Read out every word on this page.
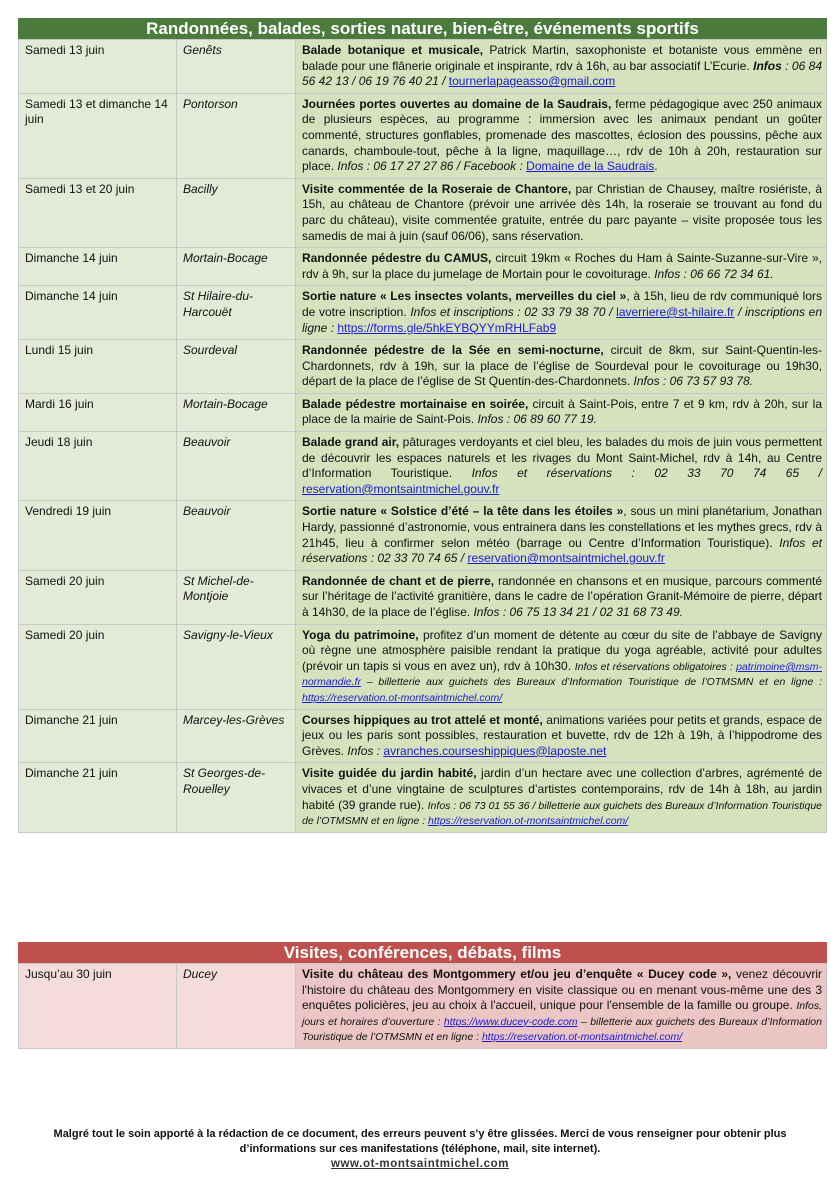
Randonnées, balades, sorties nature, bien-être, événements sportifs
Samedi 13 juin	Genêts	Balade botanique et musicale, Patrick Martin, saxophoniste et botaniste vous emmène en balade pour une flânerie originale et inspirante, rdv à 16h, au bar associatif L’Ecurie. Infos : 06 84 56 42 13 / 06 19 76 40 21 / tournerlapageasso@gmail.com
Samedi 13 et dimanche 14 juin	Pontorson	Journées portes ouvertes au domaine de la Saudrais, ferme pédagogique avec 250 animaux de plusieurs espèces, au programme : immersion avec les animaux pendant un goûter commenté, structures gonflables, promenade des mascottes, éclosion des poussins, pêche aux canards, chamboule-tout, pêche à la ligne, maquillage…, rdv de 10h à 20h, restauration sur place. Infos : 06 17 27 27 86 / Facebook : Domaine de la Saudrais.
Samedi 13 et 20 juin	Bacilly	Visite commentée de la Roseraie de Chantore, par Christian de Chausey, maître rosiériste, à 15h, au château de Chantore (prévoir une arrivée dès 14h, la roseraie se trouvant au fond du parc du château), visite commentée gratuite, entrée du parc payante – visite proposée tous les samedis de mai à juin (sauf 06/06), sans réservation.
Dimanche 14 juin	Mortain-Bocage	Randonnée pédestre du CAMUS, circuit 19km « Roches du Ham à Sainte-Suzanne-sur-Vire », rdv à 9h, sur la place du jumelage de Mortain pour le covoiturage. Infos : 06 66 72 34 61.
Dimanche 14 juin	St Hilaire-du-Harcouët	Sortie nature « Les insectes volants, merveilles du ciel », à 15h, lieu de rdv communiqué lors de votre inscription. Infos et inscriptions : 02 33 79 38 70 / laverriere@st-hilaire.fr / inscriptions en ligne : https://forms.gle/5hkEYBQYYmRHLFab9
Lundi 15 juin	Sourdeval	Randonnée pédestre de la Sée en semi-nocturne, circuit de 8km, sur Saint-Quentin-les-Chardonnets, rdv à 19h, sur la place de l’église de Sourdeval pour le covoiturage ou 19h30, départ de la place de l’église de St Quentin-des-Chardonnets. Infos : 06 73 57 93 78.
Mardi 16 juin	Mortain-Bocage	Balade pédestre mortainaise en soirée, circuit à Saint-Pois, entre 7 et 9 km, rdv à 20h, sur la place de la mairie de Saint-Pois. Infos : 06 89 60 77 19.
Jeudi 18 juin	Beauvoir	Balade grand air, pâturages verdoyants et ciel bleu, les balades du mois de juin vous permettent de découvrir les espaces naturels et les rivages du Mont Saint-Michel, rdv à 14h, au Centre d’Information Touristique. Infos et réservations : 02 33 70 74 65 / reservation@montsaintmichel.gouv.fr
Vendredi 19 juin	Beauvoir	Sortie nature « Solstice d’été – la tête dans les étoiles », sous un mini planétarium, Jonathan Hardy, passionné d’astronomie, vous entrainera dans les constellations et les mythes grecs, rdv à 21h45, lieu à confirmer selon météo (barrage ou Centre d’Information Touristique). Infos et réservations : 02 33 70 74 65 / reservation@montsaintmichel.gouv.fr
Samedi 20 juin	St Michel-de-Montjoie	Randonnée de chant et de pierre, randonnée en chansons et en musique, parcours commenté sur l’héritage de l’activité granitière, dans le cadre de l’opération Granit-Mémoire de pierre, départ à 14h30, de la place de l’église. Infos : 06 75 13 34 21 / 02 31 68 73 49.
Samedi 20 juin	Savigny-le-Vieux	Yoga du patrimoine, profitez d’un moment de détente au cœur du site de l’abbaye de Savigny où règne une atmosphère paisible rendant la pratique du yoga agréable, activité pour adultes (prévoir un tapis si vous en avez un), rdv à 10h30. Infos et réservations obligatoires : patrimoine@msm-normandie.fr – billetterie aux guichets des Bureaux d’Information Touristique de l’OTMSMN et en ligne : https://reservation.ot-montsaintmichel.com/
Dimanche 21 juin	Marcey-les-Grèves	Courses hippiques au trot attelé et monté, animations variées pour petits et grands, espace de jeux ou les paris sont possibles, restauration et buvette, rdv de 12h à 19h, à l’hippodrome des Grèves. Infos : avranches.courseshippiques@laposte.net
Dimanche 21 juin	St Georges-de-Rouelley	Visite guidée du jardin habité, jardin d’un hectare avec une collection d’arbres, agrémenté de vivaces et d’une vingtaine de sculptures d’artistes contemporains, rdv de 14h à 18h, au jardin habité (39 grande rue). Infos : 06 73 01 55 36 / billetterie aux guichets des Bureaux d’Information Touristique de l’OTMSMN et en ligne : https://reservation.ot-montsaintmichel.com/
Visites, conférences, débats, films
Jusqu’au 30 juin	Ducey	Visite du château des Montgommery et/ou jeu d’enquête « Ducey code », venez découvrir l'histoire du château des Montgommery en visite classique ou en menant vous-même une des 3 enquêtes policières, jeu au choix à l'accueil, unique pour l'ensemble de la famille ou groupe. Infos, jours et horaires d’ouverture : https://www.ducey-code.com – billetterie aux guichets des Bureaux d’Information Touristique de l’OTMSMN et en ligne : https://reservation.ot-montsaintmichel.com/
Malgré tout le soin apporté à la rédaction de ce document, des erreurs peuvent s’y être glissées. Merci de vous renseigner pour obtenir plus d’informations sur ces manifestations (téléphone, mail, site internet).
www.ot-montsaintmichel.com
